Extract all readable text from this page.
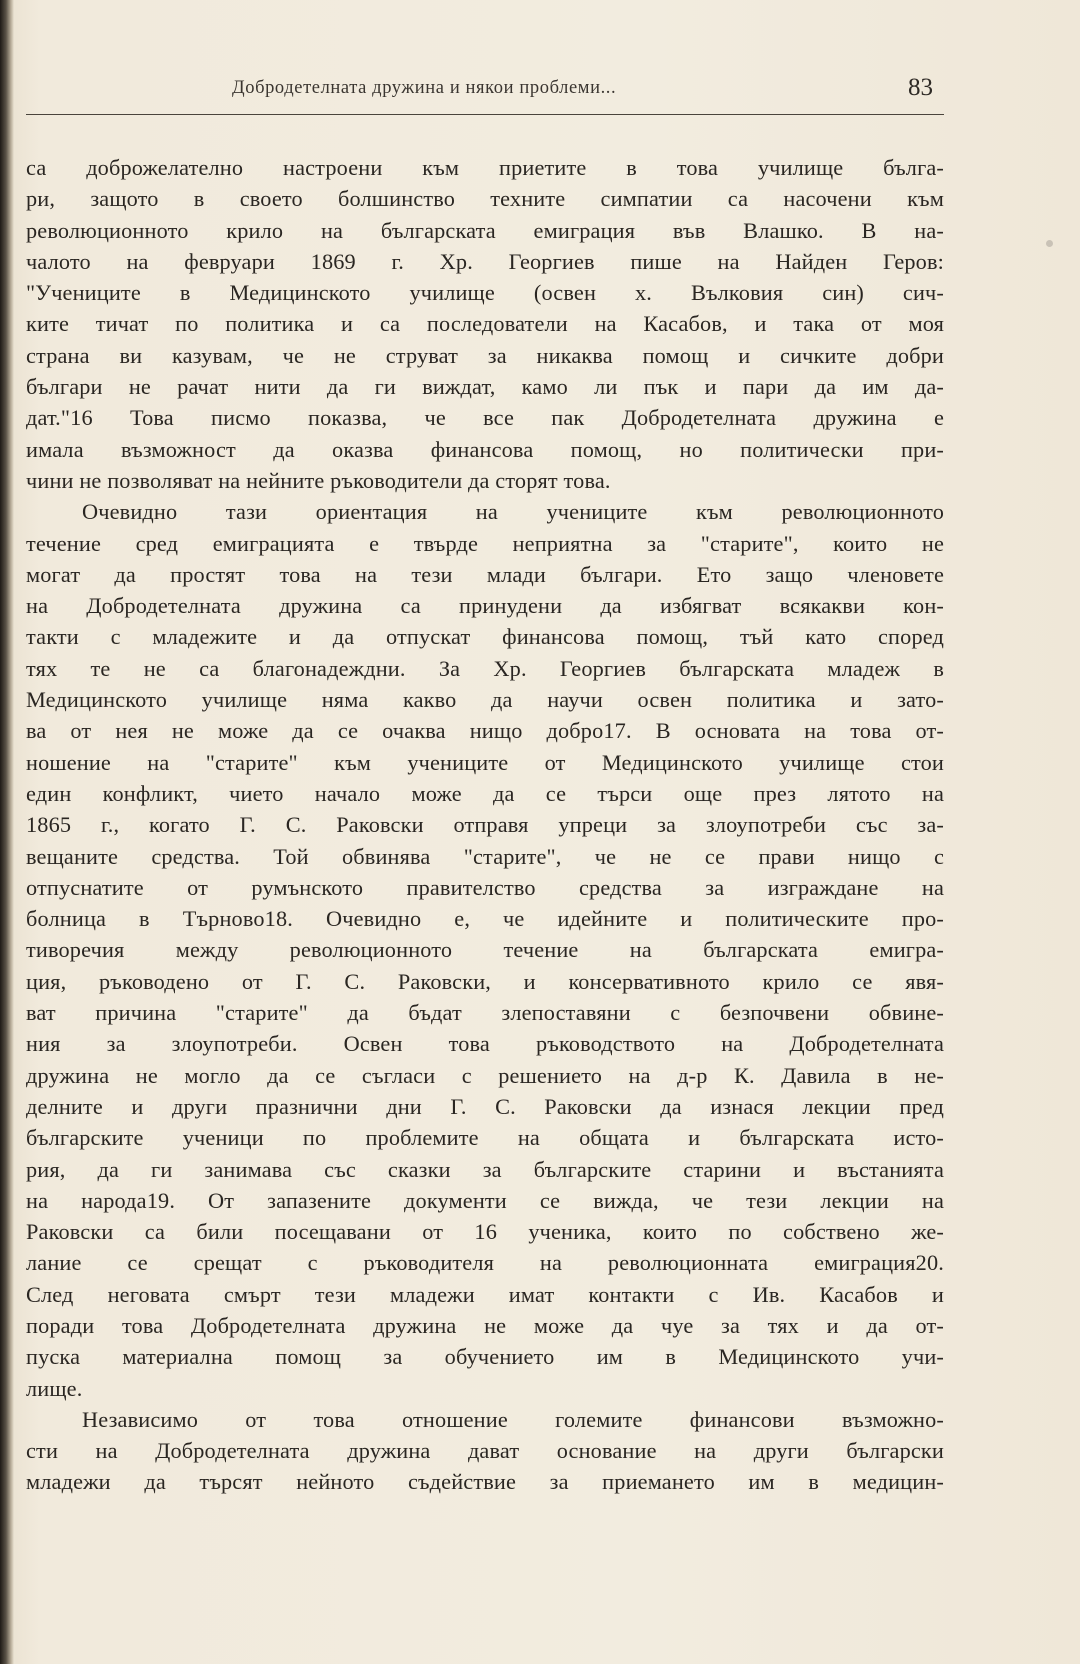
Добродетелната дружина и някои проблеми...	83
са доброжелателно настроени към приетите в това училище бълга-
ри, защото в своето болшинство техните симпатии са насочени към
революционното крило на българската емиграция във Влашко. В на-
чалото на февруари 1869 г. Хр. Георгиев пише на Найден Геров:
"Учениците в Медицинското училище (освен х. Вълковия син) сич-
ките тичат по политика и са последователи на Касабов, и така от моя
страна ви казувам, че не струват за никаква помощ и сичките добри
българи не рачат нити да ги виждат, камо ли пък и пари да им да-
дат."16 Това писмо показва, че все пак Добродетелната дружина е
имала възможност да оказва финансова помощ, но политически при-
чини не позволяват на нейните ръководители да сторят това.
Очевидно тази ориентация на учениците към революционното
течение сред емиграцията е твърде неприятна за "старите", които не
могат да простят това на тези млади българи. Ето защо членовете
на Добродетелната дружина са принудени да избягват всякакви кон-
такти с младежите и да отпускат финансова помощ, тъй като според
тях те не са благонадеждни. За Хр. Георгиев българската младеж в
Медицинското училище няма какво да научи освен политика и зато-
ва от нея не може да се очаква нищо добро17. В основата на това от-
ношение на "старите" към учениците от Медицинското училище стои
един конфликт, чието начало може да се търси още през лятото на
1865 г., когато Г. С. Раковски отправя упреци за злоупотреби със за-
вещаните средства. Той обвинява "старите", че не се прави нищо с
отпуснатите от румънското правителство средства за изграждане на
болница в Търново18. Очевидно е, че идейните и политическите про-
тиворечия между революционното течение на българската емигра-
ция, ръководено от Г. С. Раковски, и консервативното крило се явя-
ват причина "старите" да бъдат злепоставяни с безпочвени обвине-
ния за злоупотреби. Освен това ръководството на Добродетелната
дружина не могло да се съгласи с решението на д-р К. Давила в не-
делните и други празнични дни Г. С. Раковски да изнася лекции пред
българските ученици по проблемите на общата и българската исто-
рия, да ги занимава със сказки за българските старини и въстанията
на народа19. От запазените документи се вижда, че тези лекции на
Раковски са били посещавани от 16 ученика, които по собствено же-
лание се срещат с ръководителя на революционната емиграция20.
След неговата смърт тези младежи имат контакти с Ив. Касабов и
поради това Добродетелната дружина не може да чуе за тях и да от-
пуска материална помощ за обучението им в Медицинското учи-
лище.
Независимо от това отношение големите финансови възможно-
сти на Добродетелната дружина дават основание на други български
младежи да търсят нейното съдействие за приемането им в медицин-
